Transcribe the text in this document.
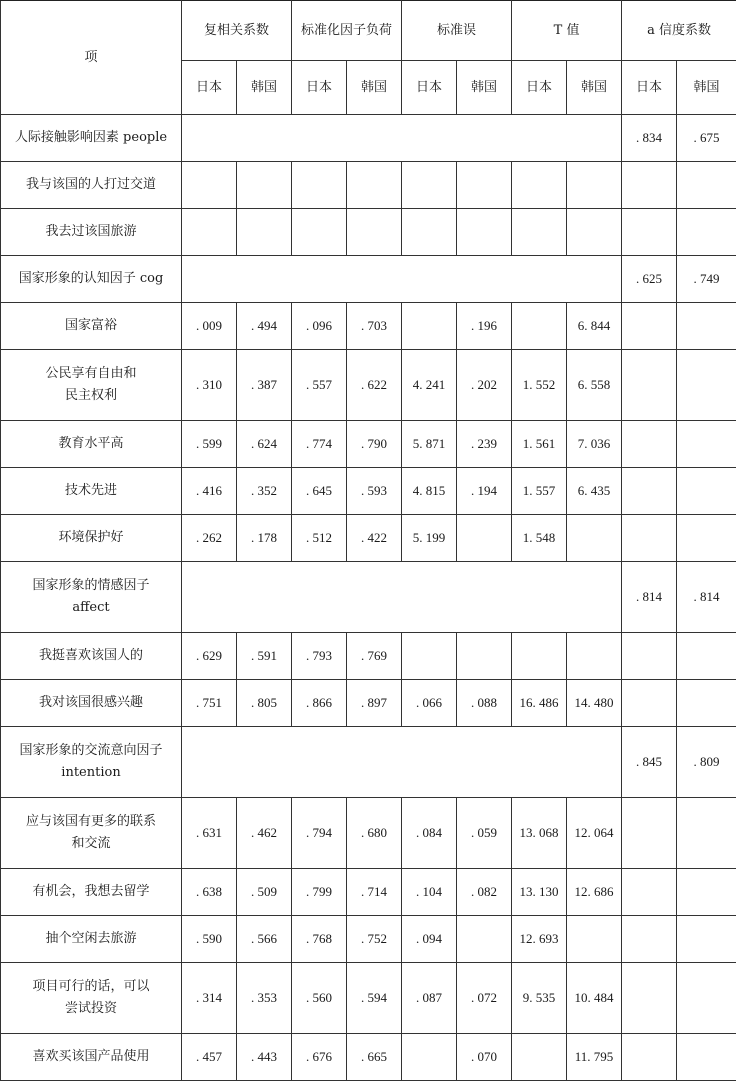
项	复相关系数		标准化因子负荷		标准误		T 值		a 信度系数	
	日本	韩国	日本	韩国	日本	韩国	日本	韩国	日本	韩国
人际接触影响因素 people									. 834	. 675
我与该国的人打过交道										
我去过该国旅游										
国家形象的认知因子 cog									. 625	. 749
国家富裕	. 009	. 494	. 096	. 703		. 196		6. 844		
公民享有自由和
民主权利	. 310	. 387	. 557	. 622	4. 241	. 202	1. 552	6. 558		
教育水平高	. 599	. 624	. 774	. 790	5. 871	. 239	1. 561	7. 036		
技术先进	. 416	. 352	. 645	. 593	4. 815	. 194	1. 557	6. 435		
环境保护好	. 262	. 178	. 512	. 422	5. 199		1. 548			
国家形象的情感因子
affect									. 814	. 814
我挺喜欢该国人的	. 629	. 591	. 793	. 769						
我对该国很感兴趣	. 751	. 805	. 866	. 897	. 066	. 088	16. 486	14. 480		
国家形象的交流意向因子
intention									. 845	. 809
应与该国有更多的联系
和交流	. 631	. 462	. 794	. 680	. 084	. 059	13. 068	12. 064		
有机会，我想去留学	. 638	. 509	. 799	. 714	. 104	. 082	13. 130	12. 686		
抽个空闲去旅游	. 590	. 566	. 768	. 752	. 094		12. 693			
项目可行的话，可以
尝试投资	. 314	. 353	. 560	. 594	. 087	. 072	9. 535	10. 484		
喜欢买该国产品使用	. 457	. 443	. 676	. 665		. 070		11. 795		
